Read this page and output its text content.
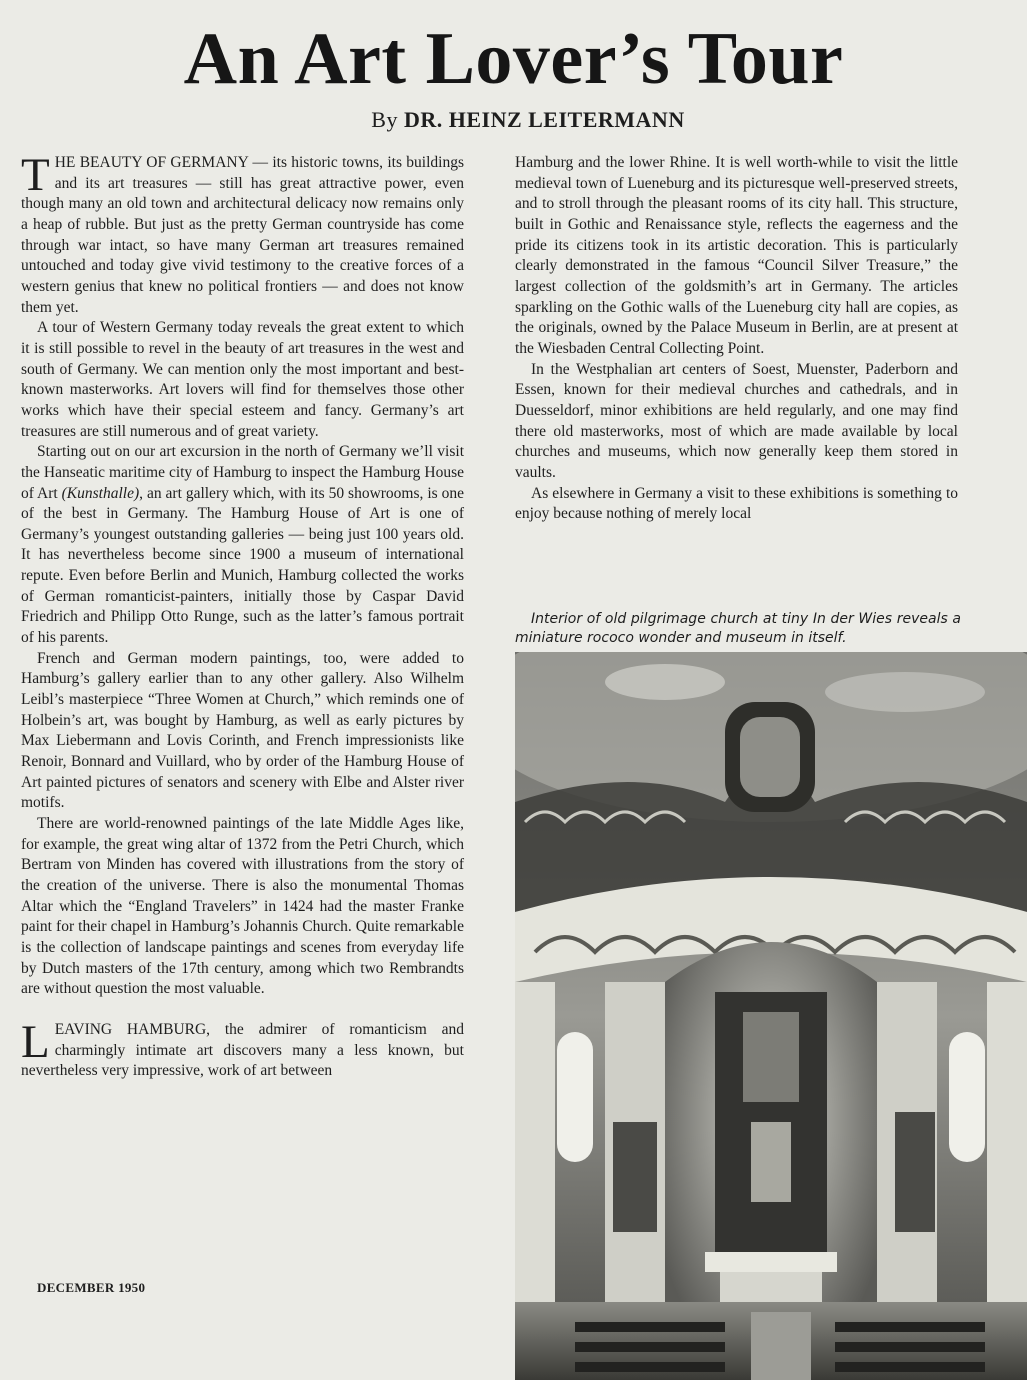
An Art Lover’s Tour

By DR. HEINZ LEITERMANN

THE BEAUTY OF GERMANY — its historic towns, its buildings and its art treasures — still has great attractive power, even though many an old town and architectural delicacy now remains only a heap of rubble. But just as the pretty German countryside has come through war intact, so have many German art treasures remained untouched and today give vivid testimony to the creative forces of a western genius that knew no political frontiers — and does not know them yet.

A tour of Western Germany today reveals the great extent to which it is still possible to revel in the beauty of art treasures in the west and south of Germany. We can mention only the most important and best-known masterworks. Art lovers will find for themselves those other works which have their special esteem and fancy. Germany’s art treasures are still numerous and of great variety.

Starting out on our art excursion in the north of Germany we’ll visit the Hanseatic maritime city of Hamburg to inspect the Hamburg House of Art (Kunsthalle), an art gallery which, with its 50 showrooms, is one of the best in Germany. The Hamburg House of Art is one of Germany’s youngest outstanding galleries — being just 100 years old. It has nevertheless become since 1900 a museum of international repute. Even before Berlin and Munich, Hamburg collected the works of German romanticist-painters, initially those by Caspar David Friedrich and Philipp Otto Runge, such as the latter’s famous portrait of his parents.

French and German modern paintings, too, were added to Hamburg’s gallery earlier than to any other gallery. Also Wilhelm Leibl’s masterpiece “Three Women at Church,” which reminds one of Holbein’s art, was bought by Hamburg, as well as early pictures by Max Liebermann and Lovis Corinth, and French impressionists like Renoir, Bonnard and Vuillard, who by order of the Hamburg House of Art painted pictures of senators and scenery with Elbe and Alster river motifs.

There are world-renowned paintings of the late Middle Ages like, for example, the great wing altar of 1372 from the Petri Church, which Bertram von Minden has covered with illustrations from the story of the creation of the universe. There is also the monumental Thomas Altar which the “England Travelers” in 1424 had the master Franke paint for their chapel in Hamburg’s Johannis Church. Quite remarkable is the collection of landscape paintings and scenes from everyday life by Dutch masters of the 17th century, among which two Rembrandts are without question the most valuable.

LEAVING HAMBURG, the admirer of romanticism and charmingly intimate art discovers many a less known, but nevertheless very impressive, work of art between

Hamburg and the lower Rhine. It is well worth-while to visit the little medieval town of Lueneburg and its picturesque well-preserved streets, and to stroll through the pleasant rooms of its city hall. This structure, built in Gothic and Renaissance style, reflects the eagerness and the pride its citizens took in its artistic decoration. This is particularly clearly demonstrated in the famous “Council Silver Treasure,” the largest collection of the goldsmith’s art in Germany. The articles sparkling on the Gothic walls of the Lueneburg city hall are copies, as the originals, owned by the Palace Museum in Berlin, are at present at the Wiesbaden Central Collecting Point.

In the Westphalian art centers of Soest, Muenster, Paderborn and Essen, known for their medieval churches and cathedrals, and in Duesseldorf, minor exhibitions are held regularly, and one may find there old masterworks, most of which are made available by local churches and museums, which now generally keep them stored in vaults.

As elsewhere in Germany a visit to these exhibitions is something to enjoy because nothing of merely local

Interior of old pilgrimage church at tiny In der Wies reveals a miniature rococo wonder and museum in itself.

DECEMBER 1950
